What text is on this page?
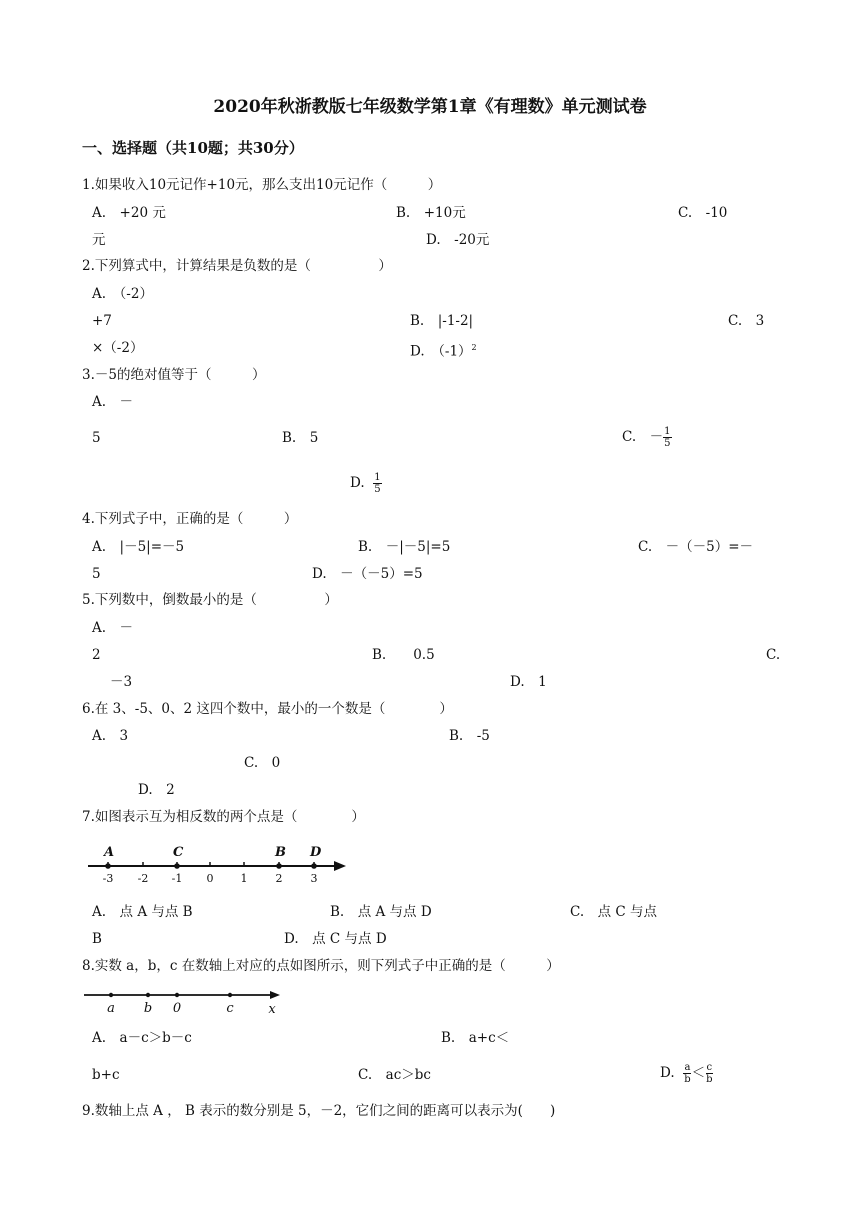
2020年秋浙教版七年级数学第1章《有理数》单元测试卷
一、选择题（共10题；共30分）
1.如果收入10元记作+10元，那么支出10元记作（　　　）
A.　+20 元	B.　+10元	C.　-10
元	D.　-20元
2.下列算式中，计算结果是负数的是（　　　　　）
A.　（-2）
+7	B.　|-1-2|	C.　3
×（-2）	D.　$(-1)^2$
3.－5的绝对值等于（　　　）
A.　－
5	B.　5	C.　－ $\frac{1}{5}$
D. $\frac{1}{5}$
4.下列式子中，正确的是（　　　）
A.　|－5|=－5	B.　－|－5|=5	C.　－（－5）=－
5	D.　－（－5）=5
5.下列数中，倒数最小的是（　　　　　）
A.　－
2	B.　　0.5	C.
－3	D.　1
6.在 3、-5、0、2 这四个数中，最小的一个数是（　　　　）
A.　3	B.　-5
C.　0
D.　2
7.如图表示互为相反数的两个点是（　　　　）
-3 -2 -1 0 1	2	3
A	C	B D
A.　点 A 与点 B	B.　点 A 与点 D	C.　点 C 与点
B	D.　点 C 与点 D
8.实数 a，b，c 在数轴上对应的点如图所示，则下列式子中正确的是（　　　）
a b 0	c	x
A.　a－c＞b－c	B.　a+c＜
b+c	C.　ac＞bc	D. $\frac{a}{b} < \frac{c}{b}$
9.数轴上点 A ， B 表示的数分别是 5，－2，它们之间的距离可以表示为(　　)
